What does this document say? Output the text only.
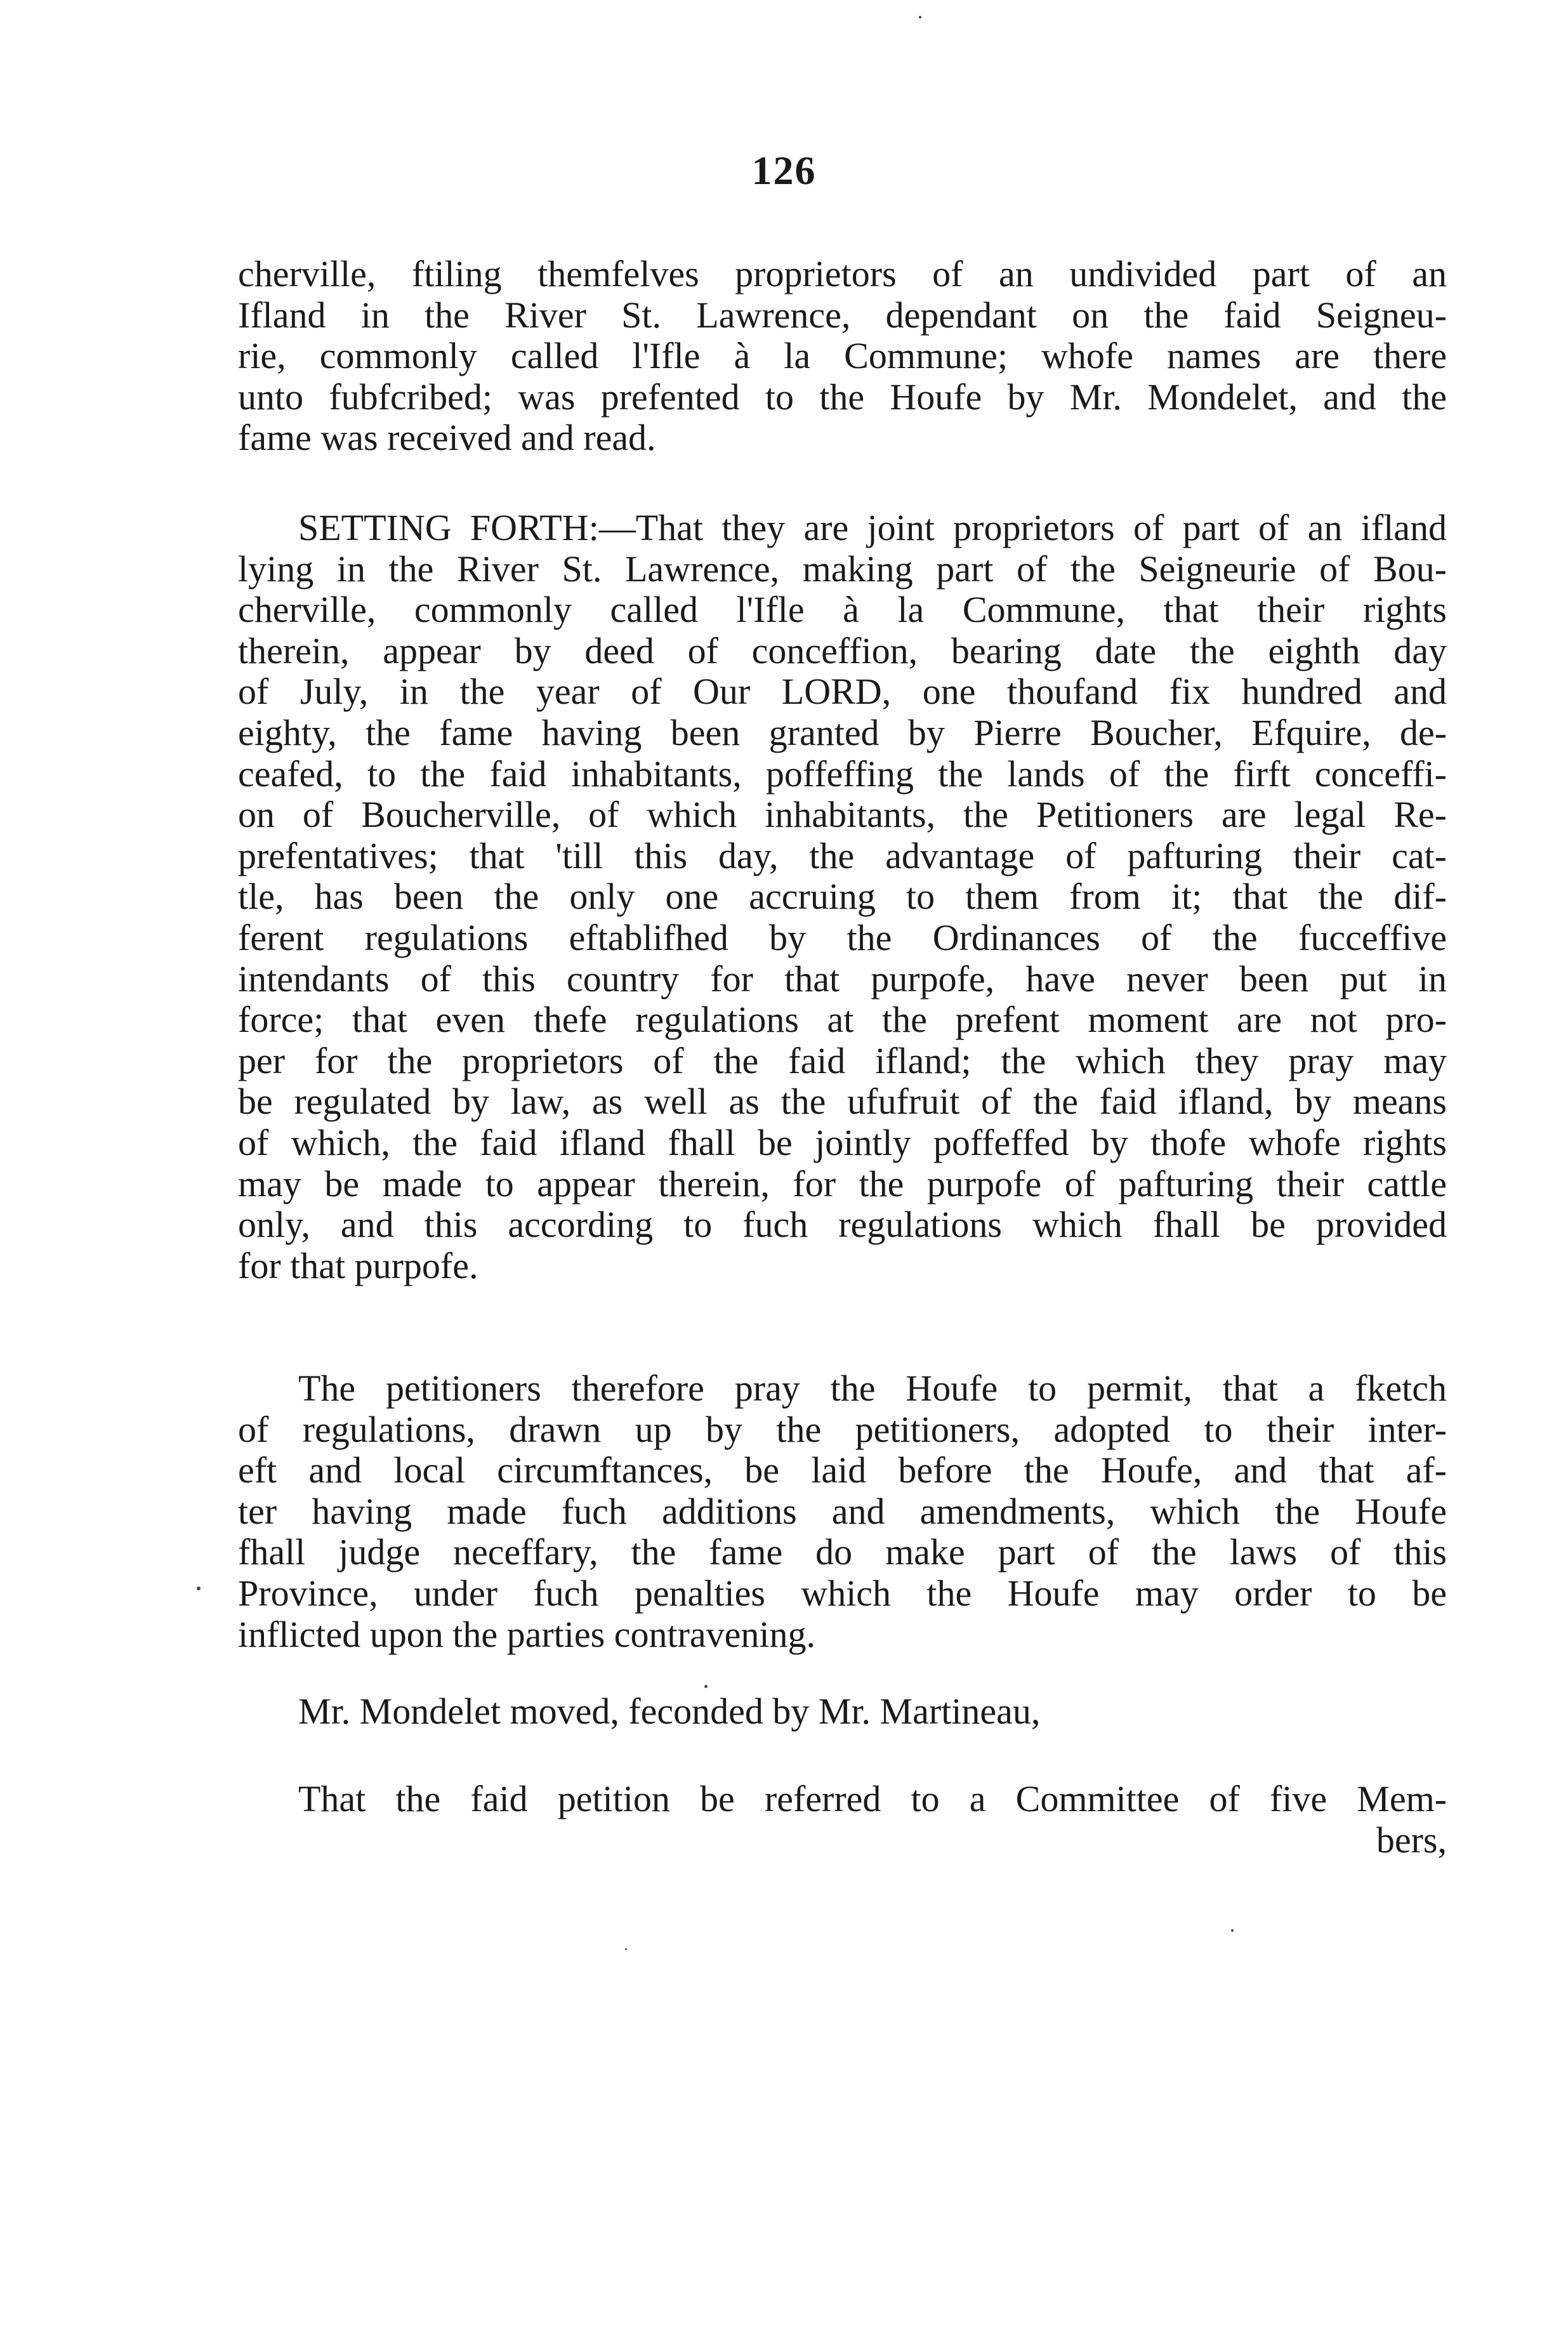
126
cherville, ftiling themfelves proprietors of an undivided part of an
Ifland in the River St. Lawrence, dependant on the faid Seigneu-
rie, commonly called l'Ifle à la Commune; whofe names are there
unto fubfcribed; was prefented to the Houfe by Mr. Mondelet, and the
fame was received and read.
SETTING FORTH:—That they are joint proprietors of part of an ifland
lying in the River St. Lawrence, making part of the Seigneurie of Bou-
cherville, commonly called l'Ifle à la Commune, that their rights
therein, appear by deed of conceffion, bearing date the eighth day
of July, in the year of Our LORD, one thoufand fix hundred and
eighty, the fame having been granted by Pierre Boucher, Efquire, de-
ceafed, to the faid inhabitants, poffeffing the lands of the firft conceffi-
on of Boucherville, of which inhabitants, the Petitioners are legal Re-
prefentatives; that 'till this day, the advantage of pafturing their cat-
tle, has been the only one accruing to them from it; that the dif-
ferent regulations eftablifhed by the Ordinances of the fucceffive
intendants of this country for that purpofe, have never been put in
force; that even thefe regulations at the prefent moment are not pro-
per for the proprietors of the faid ifland; the which they pray may
be regulated by law, as well as the ufufruit of the faid ifland, by means
of which, the faid ifland fhall be jointly poffeffed by thofe whofe rights
may be made to appear therein, for the purpofe of pafturing their cattle
only, and this according to fuch regulations which fhall be provided
for that purpofe.
The petitioners therefore pray the Houfe to permit, that a fketch
of regulations, drawn up by the petitioners, adopted to their inter-
eft and local circumftances, be laid before the Houfe, and that af-
ter having made fuch additions and amendments, which the Houfe
fhall judge neceffary, the fame do make part of the laws of this
Province, under fuch penalties which the Houfe may order to be
inflicted upon the parties contravening.
Mr. Mondelet moved, feconded by Mr. Martineau,
That the faid petition be referred to a Committee of five Mem-
bers,
